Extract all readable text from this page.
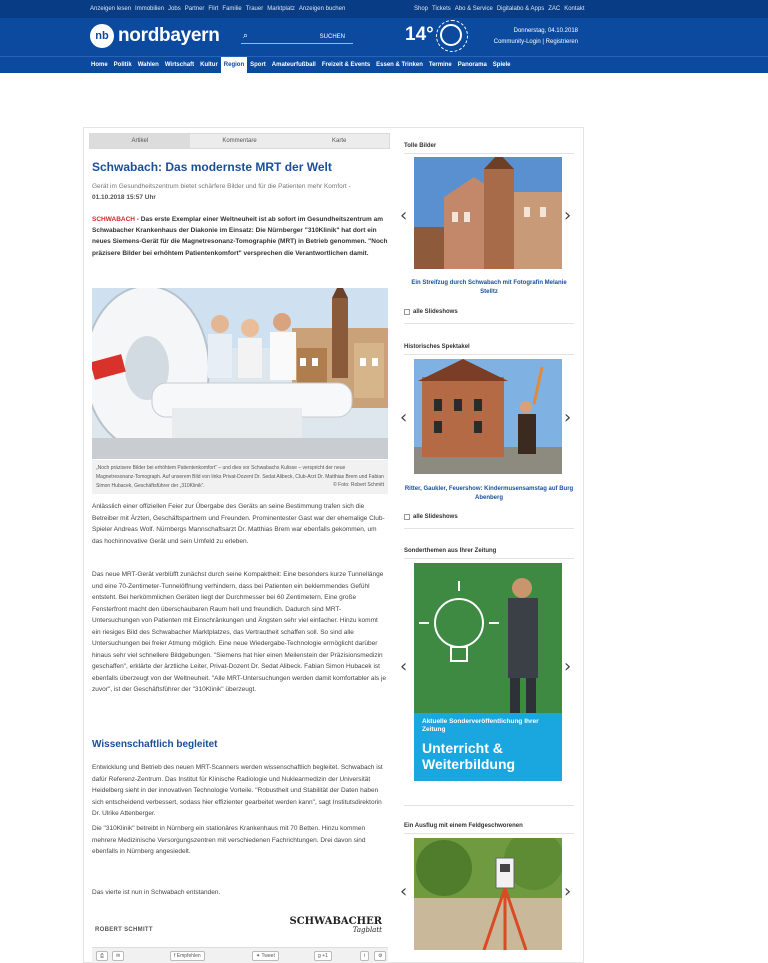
Anzeigen lesen Immobilien Jobs Partner Flirt Familie Trauer Marktplatz Anzeigen buchen	Shop Tickets Abo & Service Digitalabo & Apps ZAC Kontakt
nb nordbayern	⌕	SUCHEN	14°	Donnerstag, 04.10.2018
Community-Login | Registrieren
Home	Politik	Wahlen	Wirtschaft	Kultur	Region	Sport	Amateurfußball	Freizeit & Events	Essen & Trinken	Termine	Panorama	Spiele
Artikel	Kommentare	Karte
Schwabach: Das modernste MRT der Welt
Gerät im Gesundheitszentrum bietet schärfere Bilder und für die Patienten mehr Komfort -
01.10.2018 15:57 Uhr

SCHWABACH - Das erste Exemplar einer Weltneuheit ist ab sofort im Gesundheitszentrum am Schwabacher Krankenhaus der Diakonie im Einsatz: Die Nürnberger "310Klinik" hat dort ein neues Siemens-Gerät für die Magnetresonanz-Tomographie (MRT) in Betrieb genommen. "Noch präzisere Bilder bei erhöhtem Patientenkomfort" versprechen die Verantwortlichen damit.

„Noch präzisere Bilder bei erhöhtem Patientenkomfort“ – und dies vor Schwabachs Kulisse – verspricht der neue Magnetresonanz-Tomograph. Auf unserem Bild von links Privat-Dozent Dr. Sedat Alibeck, Club-Arzt Dr. Matthias Brem und Fabian Simon Hubacek, Geschäftsführer der „310Klinik“.	© Foto: Robert Schmitt

Anlässlich einer offiziellen Feier zur Übergabe des Geräts an seine Bestimmung trafen sich die Betreiber mit Ärzten, Geschäftspartnern und Freunden. Prominentester Gast war der ehemalige Club-Spieler Andreas Wolf. Nürnbergs Mannschaftsarzt Dr. Matthias Brem war ebenfalls gekommen, um das hochinnovative Gerät und sein Umfeld zu erleben.

Das neue MRT-Gerät verblüfft zunächst durch seine Kompaktheit: Eine besonders kurze Tunnellänge und eine 70-Zentimeter-Tunnelöffnung verhindern, dass bei Patienten ein beklemmendes Gefühl entsteht. Bei herkömmlichen Geräten liegt der Durchmesser bei 60 Zentimetern. Eine große Fensterfront macht den überschaubaren Raum hell und freundlich. Dadurch sind MRT-Untersuchungen von Patienten mit Einschränkungen und Ängsten sehr viel einfacher. Hinzu kommt ein riesiges Bild des Schwabacher Marktplatzes, das Vertrautheit schaffen soll. So sind alle Untersuchungen bei freier Atmung möglich. Eine neue Wiedergabe-Technologie ermöglicht darüber hinaus sehr viel schnellere Bildgebungen. "Siemens hat hier einen Meilenstein der Präzisionsmedizin geschaffen", erklärte der ärztliche Leiter, Privat-Dozent Dr. Sedat Alibeck. Fabian Simon Hubacek ist ebenfalls überzeugt von der Weltneuheit. "Alle MRT-Untersuchungen werden damit komfortabler als je zuvor", ist der Geschäftsführer der "310Klinik" überzeugt.

Wissenschaftlich begleitet

Entwicklung und Betrieb des neuen MRT-Scanners werden wissenschaftlich begleitet. Schwabach ist dafür Referenz-Zentrum. Das Institut für Klinische Radiologie und Nuklearmedizin der Universität Heidelberg sieht in der innovativen Technologie Vorteile. "Robustheit und Stabilität der Daten haben sich entscheidend verbessert, sodass hier effizienter gearbeitet werden kann", sagt Institutsdirektorin Dr. Ulrike Attenberger.

Die "310Klinik" betreibt in Nürnberg ein stationäres Krankenhaus mit 70 Betten. Hinzu kommen mehrere Medizinische Versorgungszentren mit verschiedenen Fachrichtungen. Drei davon sind ebenfalls in Nürnberg angesiedelt.

Das vierte ist nun in Schwabach entstanden.

ROBERT SCHMITT
SCHWABACHER
Tagblatt
⎙	✉	f Empfehlen	✦ Tweet	g +1	i	⚙
Tolle Bilder
‹	›
Ein Streifzug durch Schwabach mit Fotografin Melanie Stelltz
alle Slideshows
Historisches Spektakel
‹	›
Ritter, Gaukler, Feuershow: Kindermusensamstag auf Burg Abenberg
alle Slideshows
Sonderthemen aus Ihrer Zeitung
‹
Aktuelle Sonderveröffentlichung Ihrer Zeitung
Unterricht &
Weiterbildung
›
Ein Ausflug mit einem Feldgeschworenen
‹	›
